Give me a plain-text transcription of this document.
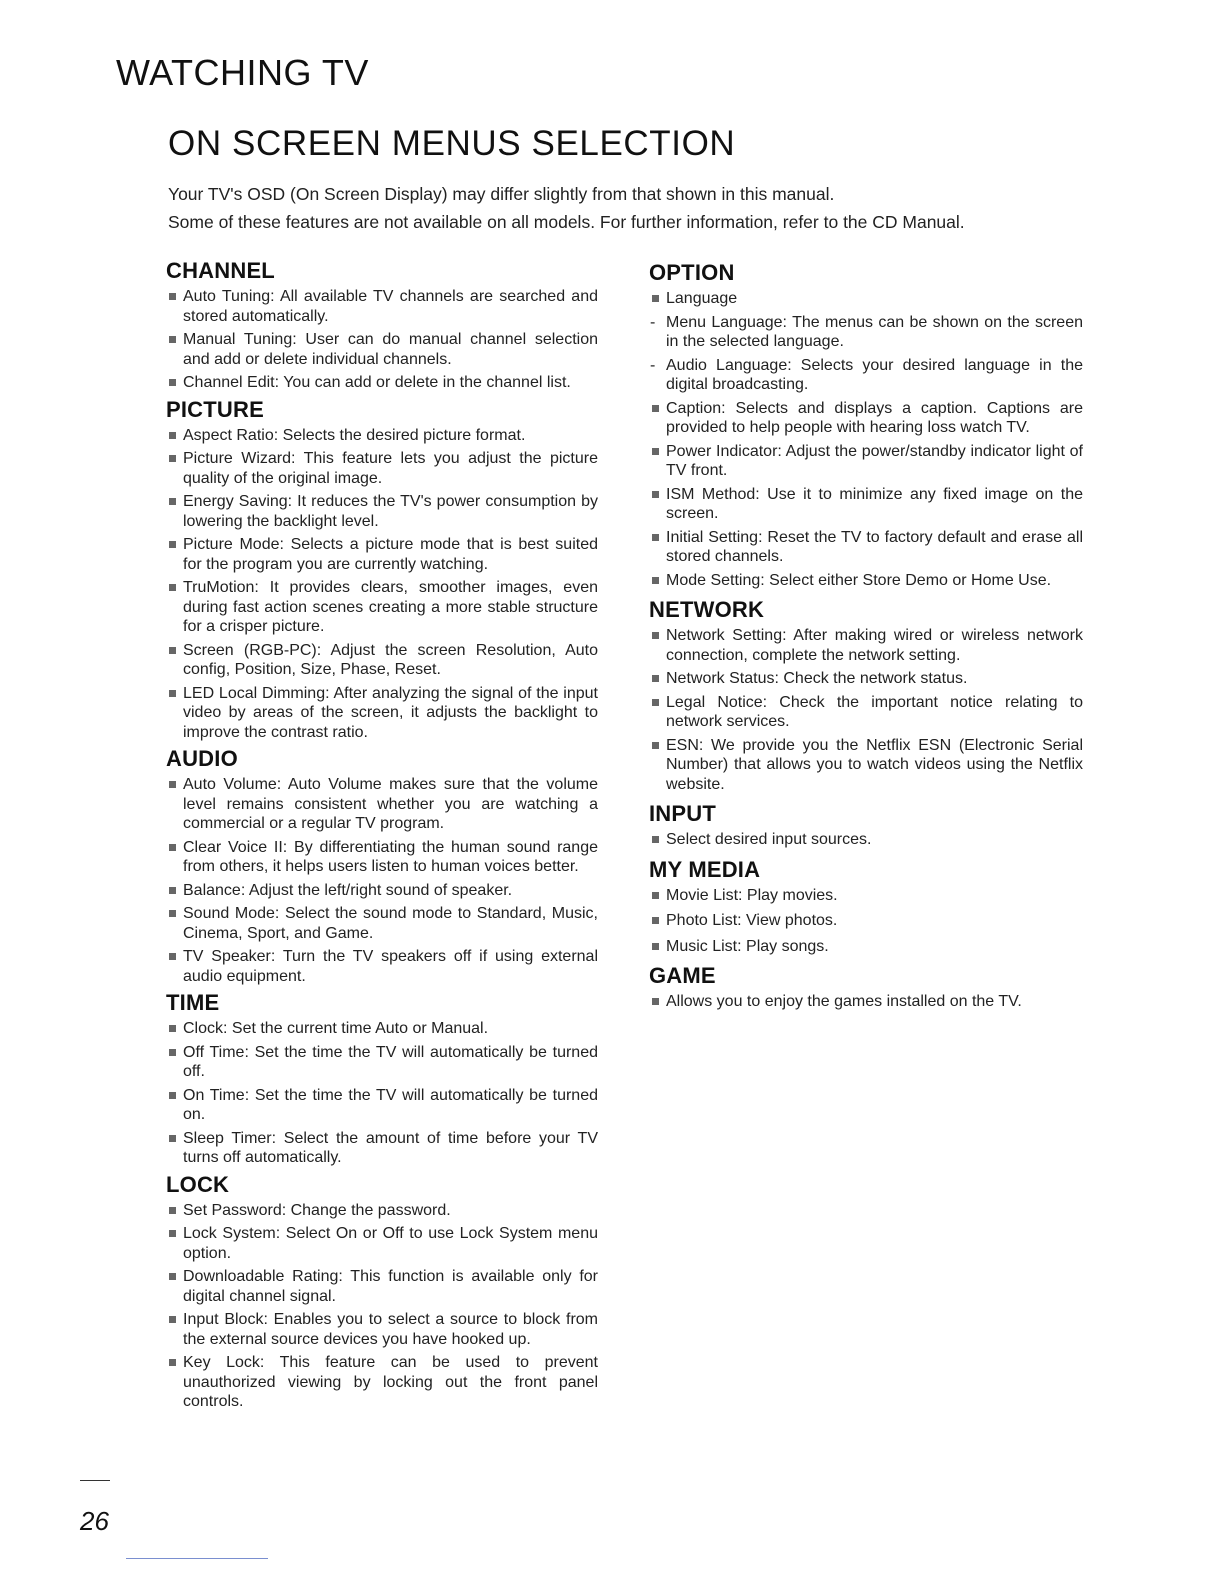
WATCHING TV
ON SCREEN MENUS SELECTION

Your TV's OSD (On Screen Display) may differ slightly from that shown in this manual.

Some of these features are not available on all models. For further information, refer to the CD Manual.

CHANNEL
Auto Tuning: All available TV channels are searched and stored automatically.
Manual Tuning: User can do manual channel selection and add or delete individual channels.
Channel Edit: You can add or delete in the channel list.
PICTURE
Aspect Ratio: Selects the desired picture format.
Picture Wizard: This feature lets you adjust the picture quality of the original image.
Energy Saving: It reduces the TV's power consumption by lowering the backlight level.
Picture Mode: Selects a picture mode that is best suited for the program you are currently watching.
TruMotion: It provides clears, smoother images, even during fast action scenes creating a more stable structure for a crisper picture.
Screen (RGB-PC): Adjust the screen Resolution, Auto config, Position, Size, Phase, Reset.
LED Local Dimming: After analyzing the signal of the input video by areas of the screen, it adjusts the backlight to improve the contrast ratio.
AUDIO
Auto Volume: Auto Volume makes sure that the volume level remains consistent whether you are watching a commercial or a regular TV program.
Clear Voice II: By differentiating the human sound range from others, it helps users listen to human voices better.
Balance: Adjust the left/right sound of speaker.
Sound Mode: Select the sound mode to Standard, Music, Cinema, Sport, and Game.
TV Speaker: Turn the TV speakers off if using external audio equipment.
TIME
Clock: Set the current time Auto or Manual.
Off Time: Set the time the TV will automatically be turned off.
On Time: Set the time the TV will automatically be turned on.
Sleep Timer: Select the amount of time before your TV turns off automatically.
LOCK
Set Password: Change the password.
Lock System: Select On or Off to use Lock System menu option.
Downloadable Rating: This function is available only for digital channel signal.
Input Block: Enables you to select a source to block from the external source devices you have hooked up.
Key Lock: This feature can be used to prevent unauthorized viewing by locking out the front panel controls.
OPTION
Language
- Menu Language: The menus can be shown on the screen in the selected language.
- Audio Language: Selects your desired language in the digital broadcasting.
Caption: Selects and displays a caption. Captions are provided to help people with hearing loss watch TV.
Power Indicator: Adjust the power/standby indicator light of TV front.
ISM Method: Use it to minimize any fixed image on the screen.
Initial Setting: Reset the TV to factory default and erase all stored channels.
Mode Setting: Select either Store Demo or Home Use.
NETWORK
Network Setting: After making wired or wireless network connection, complete the network setting.
Network Status: Check the network status.
Legal Notice: Check the important notice relating to network services.
ESN: We provide you the Netflix ESN (Electronic Serial Number) that allows you to watch videos using the Netflix website.
INPUT
Select desired input sources.
MY MEDIA
Movie List: Play movies.
Photo List: View photos.
Music List: Play songs.
GAME
Allows you to enjoy the games installed on the TV.
26
